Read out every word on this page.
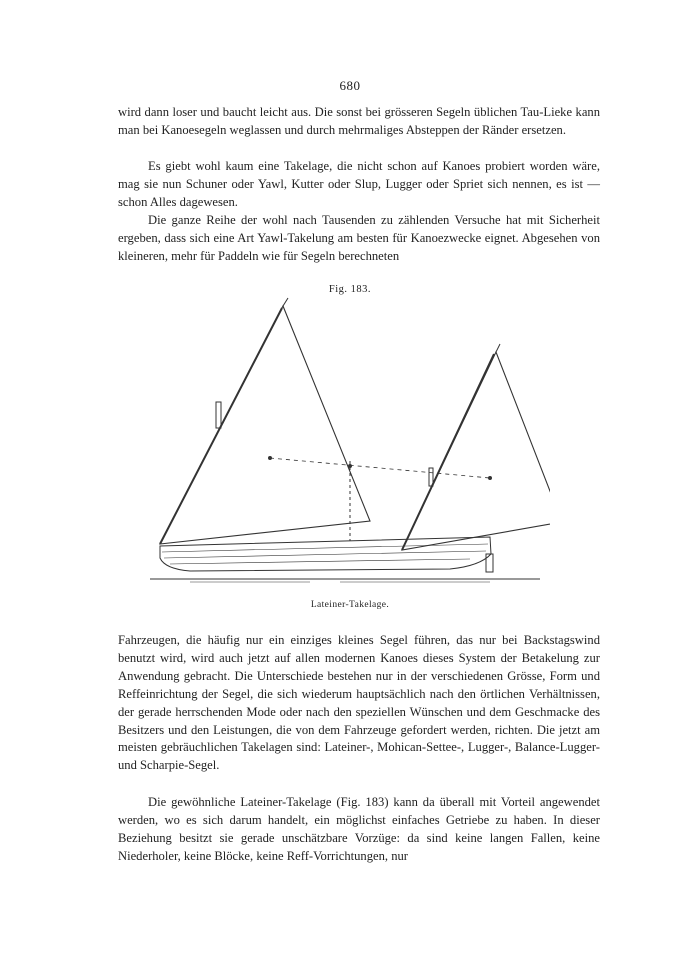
680

wird dann loser und baucht leicht aus. Die sonst bei grösseren Segeln üblichen Tau-Lieke kann man bei Kanoesegeln weglassen und durch mehrmaliges Absteppen der Ränder ersetzen.

Es giebt wohl kaum eine Takelage, die nicht schon auf Kanoes probiert worden wäre, mag sie nun Schuner oder Yawl, Kutter oder Slup, Lugger oder Spriet sich nennen, es ist — schon Alles dagewesen.

Die ganze Reihe der wohl nach Tausenden zu zählenden Versuche hat mit Sicherheit ergeben, dass sich eine Art Yawl-Takelung am besten für Kanoezwecke eignet. Abgesehen von kleineren, mehr für Paddeln wie für Segeln berechneten

Fig. 183.
Lateiner-Takelage.

Fahrzeugen, die häufig nur ein einziges kleines Segel führen, das nur bei Backstagswind benutzt wird, wird auch jetzt auf allen modernen Kanoes dieses System der Betakelung zur Anwendung gebracht. Die Unterschiede bestehen nur in der verschiedenen Grösse, Form und Reffeinrichtung der Segel, die sich wiederum hauptsächlich nach den örtlichen Verhältnissen, der gerade herrschenden Mode oder nach den speziellen Wünschen und dem Geschmacke des Besitzers und den Leistungen, die von dem Fahrzeuge gefordert werden, richten. Die jetzt am meisten gebräuchlichen Takelagen sind: Lateiner-, Mohican-Settee-, Lugger-, Balance-Lugger- und Scharpie-Segel.

Die gewöhnliche Lateiner-Takelage (Fig. 183) kann da überall mit Vorteil angewendet werden, wo es sich darum handelt, ein möglichst einfaches Getriebe zu haben. In dieser Beziehung besitzt sie gerade unschätzbare Vorzüge: da sind keine langen Fallen, keine Niederholer, keine Blöcke, keine Reff-Vorrichtungen, nur
